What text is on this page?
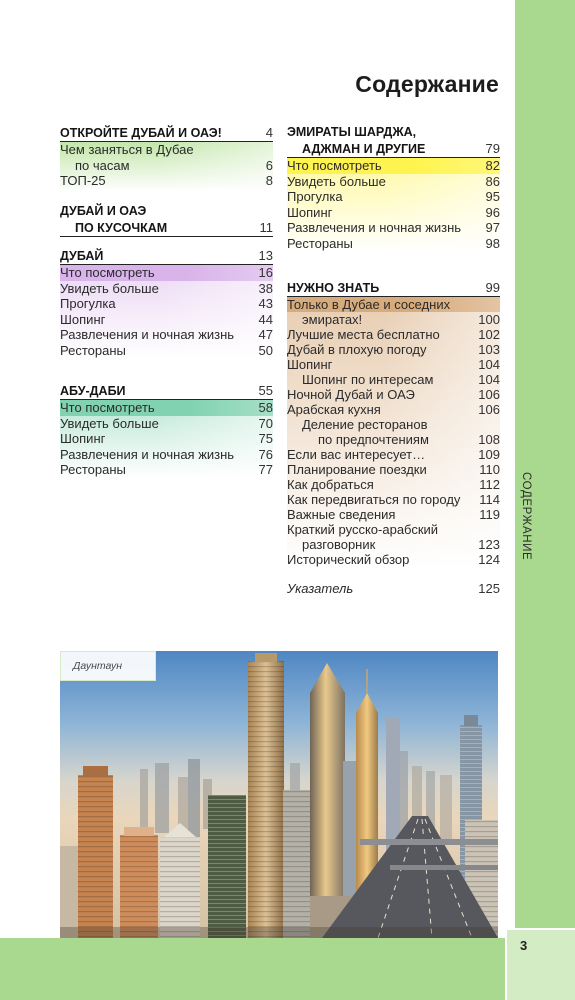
СОДЕРЖАНИЕ
3
Содержание
ОТКРОЙТЕ ДУБАЙ И ОАЭ!	4
Чем заняться в Дубае
по часам	6
ТОП-25	8
ДУБАЙ И ОАЭ
ПО КУСОЧКАМ	11
ДУБАЙ	13
Что посмотреть	16
Увидеть больше	38
Прогулка	43
Шопинг	44
Развлечения и ночная жизнь 47
Рестораны	50
АБУ-ДАБИ	55
Что посмотреть	58
Увидеть больше	70
Шопинг	75
Развлечения и ночная жизнь 76
Рестораны	77
ЭМИРАТЫ ШАРДЖА,
АДЖМАН И ДРУГИЕ	79
Что посмотреть	82
Увидеть больше	86
Прогулка	95
Шопинг	96
Развлечения и ночная жизнь 97
Рестораны	98
НУЖНО ЗНАТЬ	99
Только в Дубае и соседних
эмиратах!	100
Лучшие места бесплатно	102
Дубай в плохую погоду	103
Шопинг	104
Шопинг по интересам	104
Ночной Дубай и ОАЭ	106
Арабская кухня	106
Деление ресторанов
по предпочтениям	108
Если вас интересует…	109
Планирование поездки	110
Как добраться	112
Как передвигаться по городу 114
Важные сведения	119
Краткий русско-арабский
разговорник	123
Исторический обзор	124
Указатель	125
Даунтаун
